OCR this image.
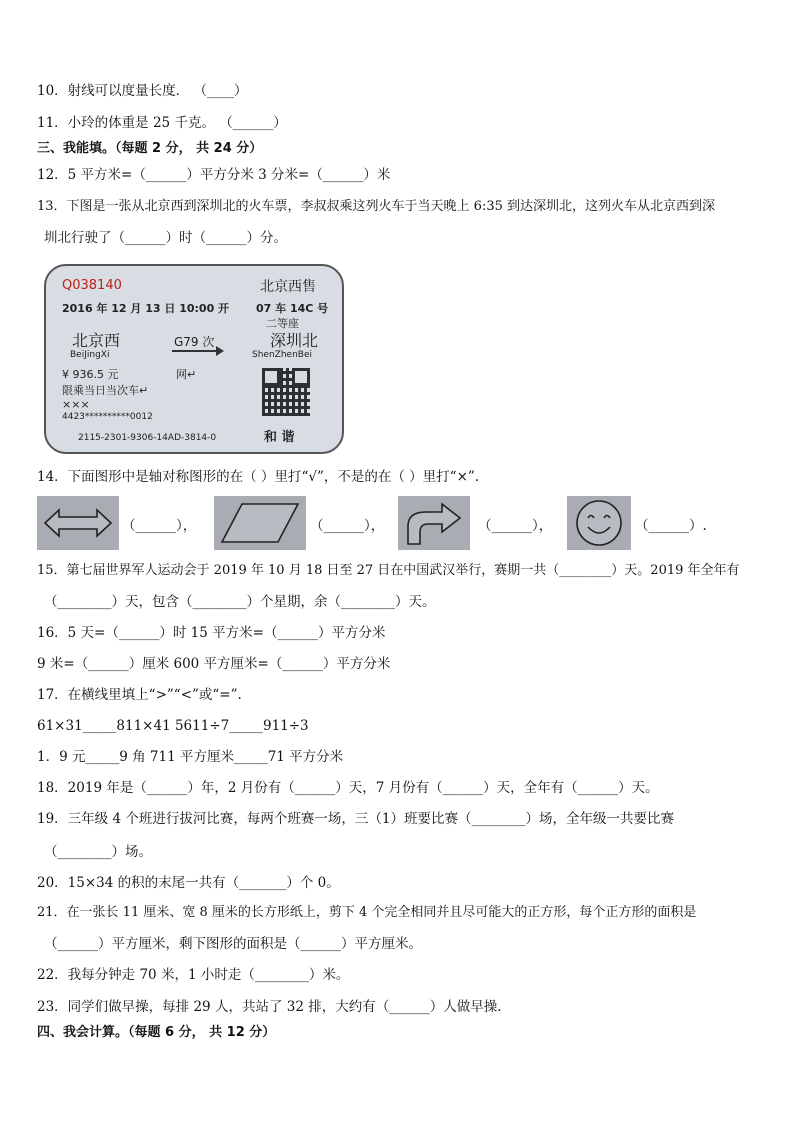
10．射线可以度量长度． （____）
11．小玲的体重是 25 千克。 （______）
三、我能填。（每题 2 分， 共 24 分）
12．5 平方米=（______）平方分米 3 分米=（______）米
13．下图是一张从北京西到深圳北的火车票，李叔叔乘这列火车于当天晚上 6:35 到达深圳北，这列火车从北京西到深
圳北行驶了（______）时（______）分。
Q038140	北京西售
2016 年 12 月 13 日 10:00 开 07 车 14C 号
二等座
北京西
BeiJingXi
G79 次	深圳北
ShenZhenBei
¥ 936.5 元	网↵
限乘当日当次车↵
×××
4423**********0012
2115-2301-9306-14AD-3814-0	和 谐
14．下面图形中是轴对称图形的在（ ）里打“√”，不是的在（ ）里打“×”.
（______），	（______），	（______），	（______）.
15．第七届世界军人运动会于 2019 年 10 月 18 日至 27 日在中国武汉举行，赛期一共（________）天。2019 年全年有
（________）天，包含（________）个星期，余（________）天。
16．5 天=（______）时 15 平方米=（______）平方分米
9 米=（______）厘米 600 平方厘米=（______）平方分米
17．在横线里填上“>”“<”或“=”.
61×31_____811×41 5611÷7_____911÷3
1．9 元_____9 角 711 平方厘米_____71 平方分米
18．2019 年是（______）年，2 月份有（______）天，7 月份有（______）天，全年有（______）天。
19．三年级 4 个班进行拔河比赛，每两个班赛一场，三（1）班要比赛（________）场，全年级一共要比赛
（________）场。
20．15×34 的积的末尾一共有（_______）个 0。
21．在一张长 11 厘米、宽 8 厘米的长方形纸上，剪下 4 个完全相同并且尽可能大的正方形，每个正方形的面积是
（______）平方厘米，剩下图形的面积是（______）平方厘米。
22．我每分钟走 70 米，1 小时走（________）米。
23．同学们做早操，每排 29 人，共站了 32 排，大约有（______）人做早操．
四、我会计算。（每题 6 分， 共 12 分）
